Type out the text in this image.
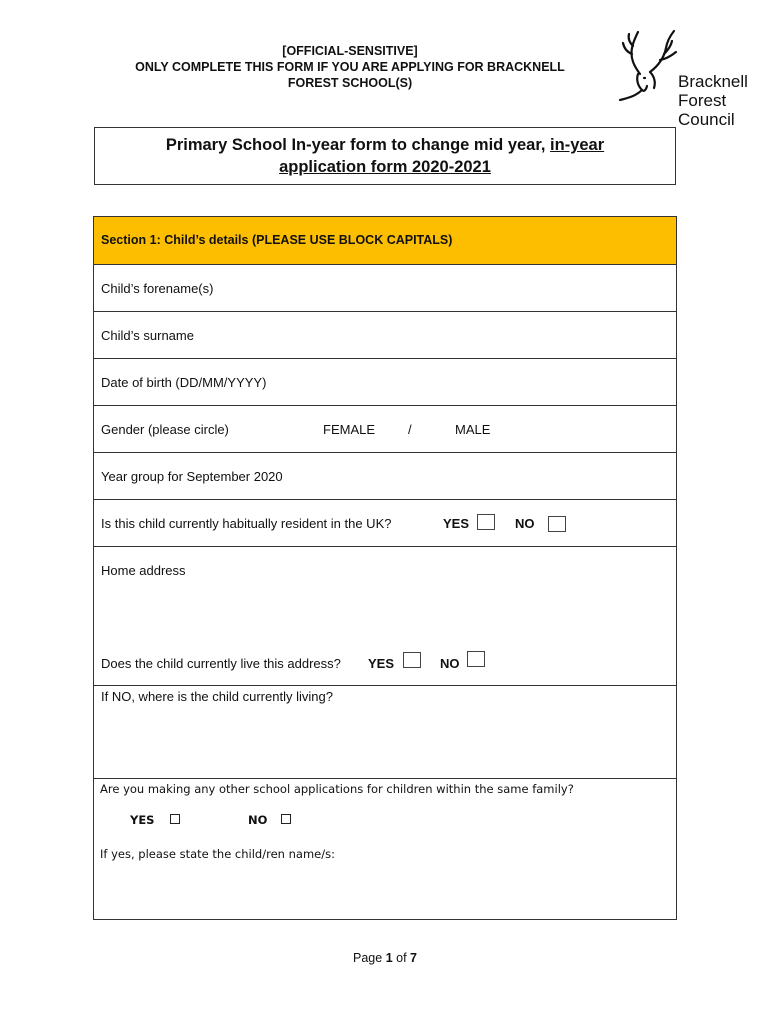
[OFFICIAL-SENSITIVE]
ONLY COMPLETE THIS FORM IF YOU ARE APPLYING FOR BRACKNELL
FOREST SCHOOL(S)	Bracknell
Forest
Council
Primary School In-year form to change mid year, in-year
application form 2020-2021
Section 1: Child’s details (PLEASE USE BLOCK CAPITALS)
Child’s forename(s)
Child’s surname
Date of birth (DD/MM/YYYY)
Gender (please circle)	FEMALE	/	MALE
Year group for September 2020
Is this child currently habitually resident in the UK?	YES	NO
Home address
Does the child currently live this address? YES	NO
If NO, where is the child currently living?
Are you making any other school applications for children within the same family?
YES	NO
If yes, please state the child/ren name/s:
Page 1 of 7
